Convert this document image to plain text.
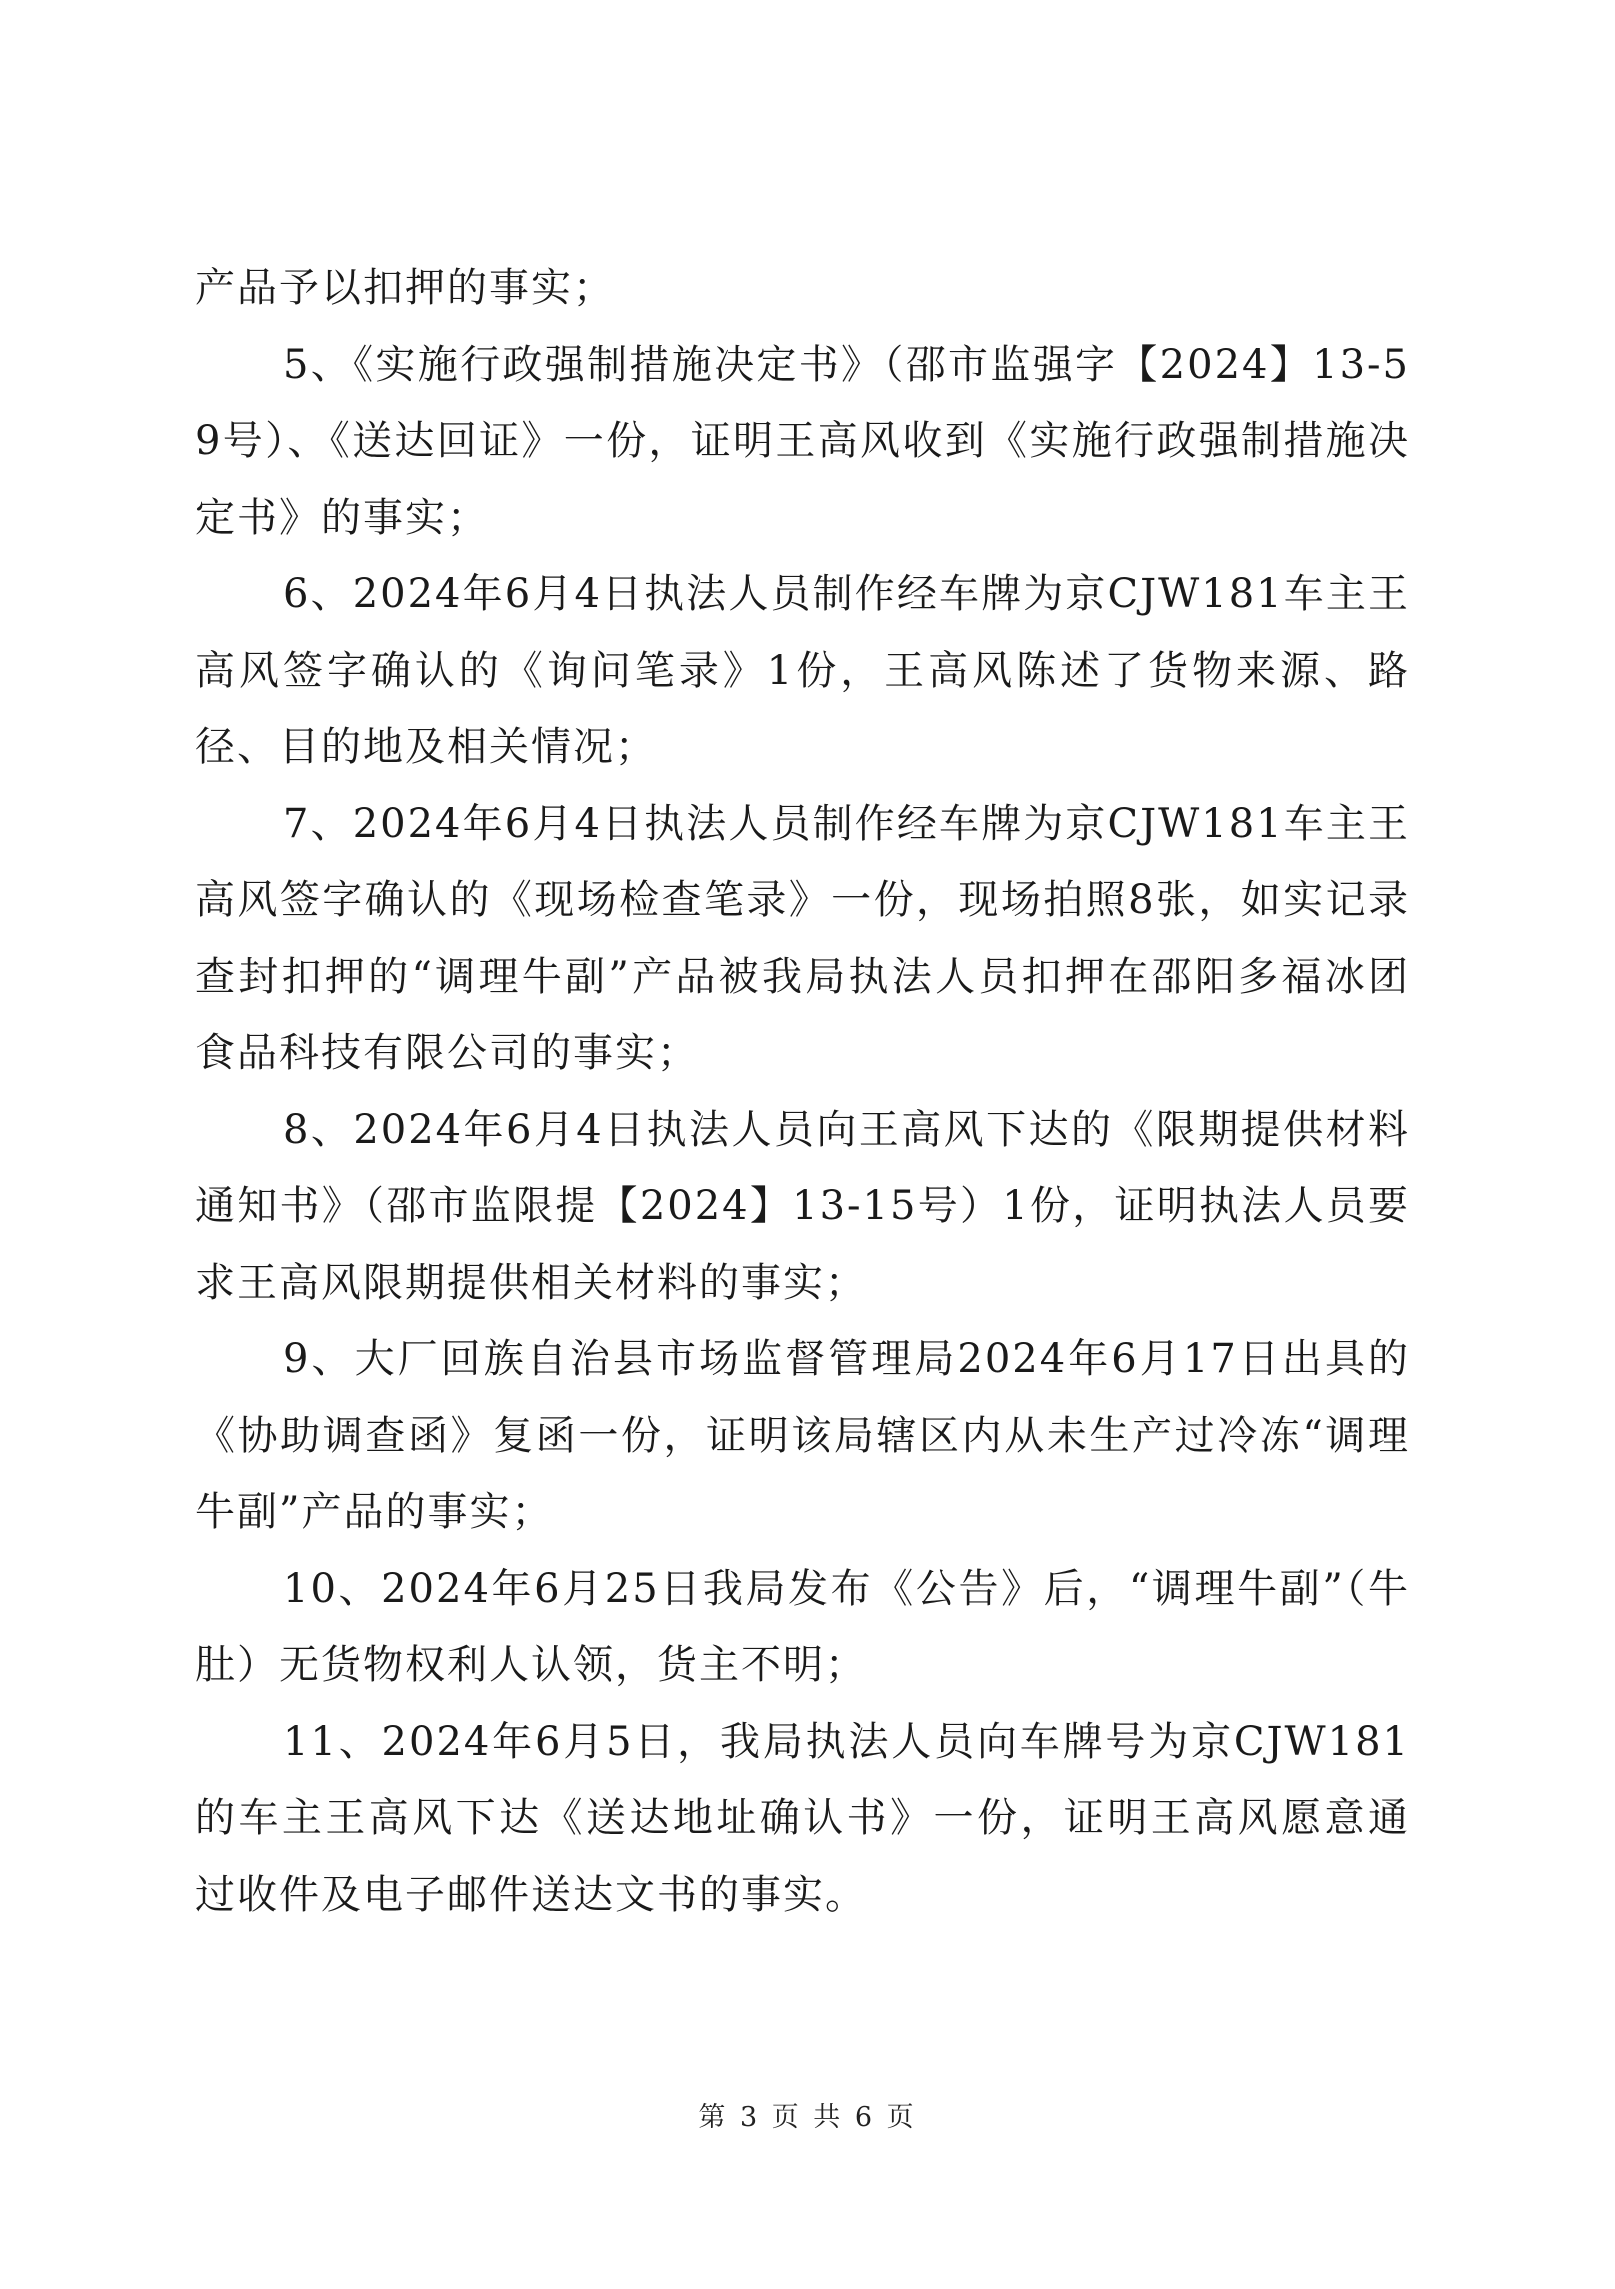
产品予以扣押的事实；

5、《实施行政强制措施决定书》（邵市监强字【2024】13-59号）、《送达回证》一份，证明王高风收到《实施行政强制措施决定书》的事实；

6、2024年6月4日执法人员制作经车牌为京CJW181车主王高风签字确认的《询问笔录》1份，王高风陈述了货物来源、路径、目的地及相关情况；

7、2024年6月4日执法人员制作经车牌为京CJW181车主王高风签字确认的《现场检查笔录》一份，现场拍照8张，如实记录查封扣押的“调理牛副”产品被我局执法人员扣押在邵阳多福冰团食品科技有限公司的事实；

8、2024年6月4日执法人员向王高风下达的《限期提供材料通知书》（邵市监限提【2024】13-15号）1份，证明执法人员要求王高风限期提供相关材料的事实；

9、大厂回族自治县市场监督管理局2024年6月17日出具的《协助调查函》复函一份，证明该局辖区内从未生产过冷冻“调理牛副”产品的事实；

10、2024年6月25日我局发布《公告》后，“调理牛副”（牛肚）无货物权利人认领，货主不明；

11、2024年6月5日，我局执法人员向车牌号为京CJW181的车主王高风下达《送达地址确认书》一份，证明王高风愿意通过收件及电子邮件送达文书的事实。

第 3 页 共 6 页
